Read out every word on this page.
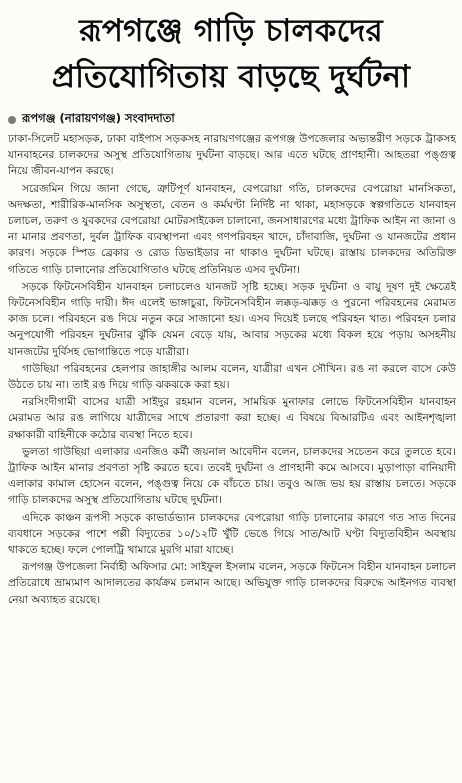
রূপগঞ্জে গাড়ি চালকদের
প্রতিযোগিতায় বাড়ছে দুর্ঘটনা
রূপগঞ্জ (নারায়ণগঞ্জ) সংবাদদাতা

ঢাকা-সিলেট মহাসড়ক, ঢাকা বাইপাস সড়কসহ নারায়ণগঞ্জের রূপগঞ্জ উপজেলার অভ্যন্তরীণ সড়কে ট্রাকসহ যানবাহনের চালকদের অসুস্থ প্রতিযোগিতায় দুর্ঘটনা বাড়ছে। আর এতে ঘটছে প্রাণহানী। আহতরা পঙ্গুত্ব নিয়ে জীবন-যাপন করছে।

সরেজমিন গিয়ে জানা গেছে, ত্রুটিপূর্ণ যানবাহন, বেপরোয়া গতি, চালকদের বেপরোয়া মানসিকতা, অদক্ষতা, শারীরিক-মানসিক অসুস্থতা, বেতন ও কর্মঘণ্টা নির্দিষ্ট না থাকা, মহাসড়কে স্বল্পগতিতে যানবাহন চলাচল, তরুণ ও যুবকদের বেপরোয়া মোটরসাইকেল চালানো, জনসাধারণের মধ্যে ট্রাফিক আইন না জানা ও না মানার প্রবণতা, দুর্বল ট্রাফিক ব্যবস্থাপনা এবং গণপরিবহন খাদে, চাঁদাবাজি, দুর্ঘটনা ও যানজটের প্রধান কারণ। সড়কে স্পিড ব্রেকার ও রোড ডিভাইডার না থাকাও দুর্ঘটনা ঘটছে। রাস্তায় চালকদের অতিরিক্ত গতিতে গাড়ি চালানোর প্রতিযোগিতাও ঘটছে প্রতিনিয়ত এসব দুর্ঘটনা।

সড়কে ফিটনেসবিহীন যানবাহন চলাচলেও যানজট সৃষ্টি হচ্ছে। সড়ক দুর্ঘটনা ও বায়ু দূষণ দুই ক্ষেত্রেই ফিটনেসবিহীন গাড়ি দায়ী। ঈদ এলেই ভাঙ্গাচুরা, ফিটনেসবিহীন লক্কড়-ঝক্কড় ও পুরনো পরিবহনের মেরামত কাজ চলে। পরিবহনে রঙ দিয়ে নতুন করে সাজানো হয়। এসব দিয়েই চলছে পরিবহন খাত। পরিবহন চলার অনুপযোগী পরিবহন দুর্ঘটনার ঝুঁকি যেমন বেড়ে যায়, আবার সড়কের মধ্যে বিকল হয়ে পড়ায় অসহনীয় যানজটের দুর্বিসহ ভোগান্তিতে পড়ে যাত্রীরা।

গাউছিয়া পরিবহনের হেলপার জাহাঙ্গীর আলম বলেন, যাত্রীরা এখন সৌখিন। রঙ না করলে বাসে কেউ উঠতে চায় না। তাই রঙ দিয়ে গাড়ি ঝকঝকে করা হয়।

নরসিংদীগামী বাসের যাত্রী সাইদুর রহমান বলেন, সাময়িক মুনাফার লোভে ফিটনেসবিহীন যানবাহন মেরামত আর রঙ লাগিয়ে যাত্রীদের সাথে প্রতারণা করা হচ্ছে। এ বিষয়ে বিআরটিএ এবং আইনশৃঙ্খলা রক্ষাকারী বাহিনীকে কঠোর ব্যবস্থা নিতে হবে।

ভুলতা গাউছিয়া এলাকার এনজিও কর্মী জয়নাল আবেদীন বলেন, চালকদের সচেতন করে তুলতে হবে। ট্রাফিক আইন মানার প্রবণতা সৃষ্টি করতে হবে। তবেই দুর্ঘটনা ও প্রাণহানী কমে আসবে। মুড়াপাড়া বানিয়াদী এলাকার কামাল হোসেন বলেন, পঙ্গুত্ব নিয়ে কে বাঁচতে চায়। তবুও আজ ভয় হয় রাস্তায় চলতে। সড়কে গাড়ি চালকদের অসুস্থ প্রতিযোগিতায় ঘটছে দুর্ঘটনা।

এদিকে কাঞ্চন রূপসী সড়কে কাভার্ডভ্যান চালকদের বেপরোয়া গাড়ি চালানোর কারণে গত সাত দিনের ব্যবধানে সড়কের পাশে পল্লী বিদ্যুতের ১০/১২টি খুঁটি ভেঙে গিয়ে সাত/আট ঘণ্টা বিদ্যুতবিহীন অবস্থায় থাকতে হচ্ছে। ফলে পোলট্রি খামারে মুরগি মারা যাচ্ছে।

রূপগঞ্জ উপজেলা নির্বাহী অফিসার মো: সাইফুল ইসলাম বলেন, সড়কে ফিটনেস বিহীন যানবাহন চলাচল প্রতিরোধে ভ্রাম্যমাণ আদালতের কার্যক্রম চলমান আছে। অভিযুক্ত গাড়ি চালকদের বিরুদ্ধে আইনগত ব্যবস্থা নেয়া অব্যাহত রয়েছে।
